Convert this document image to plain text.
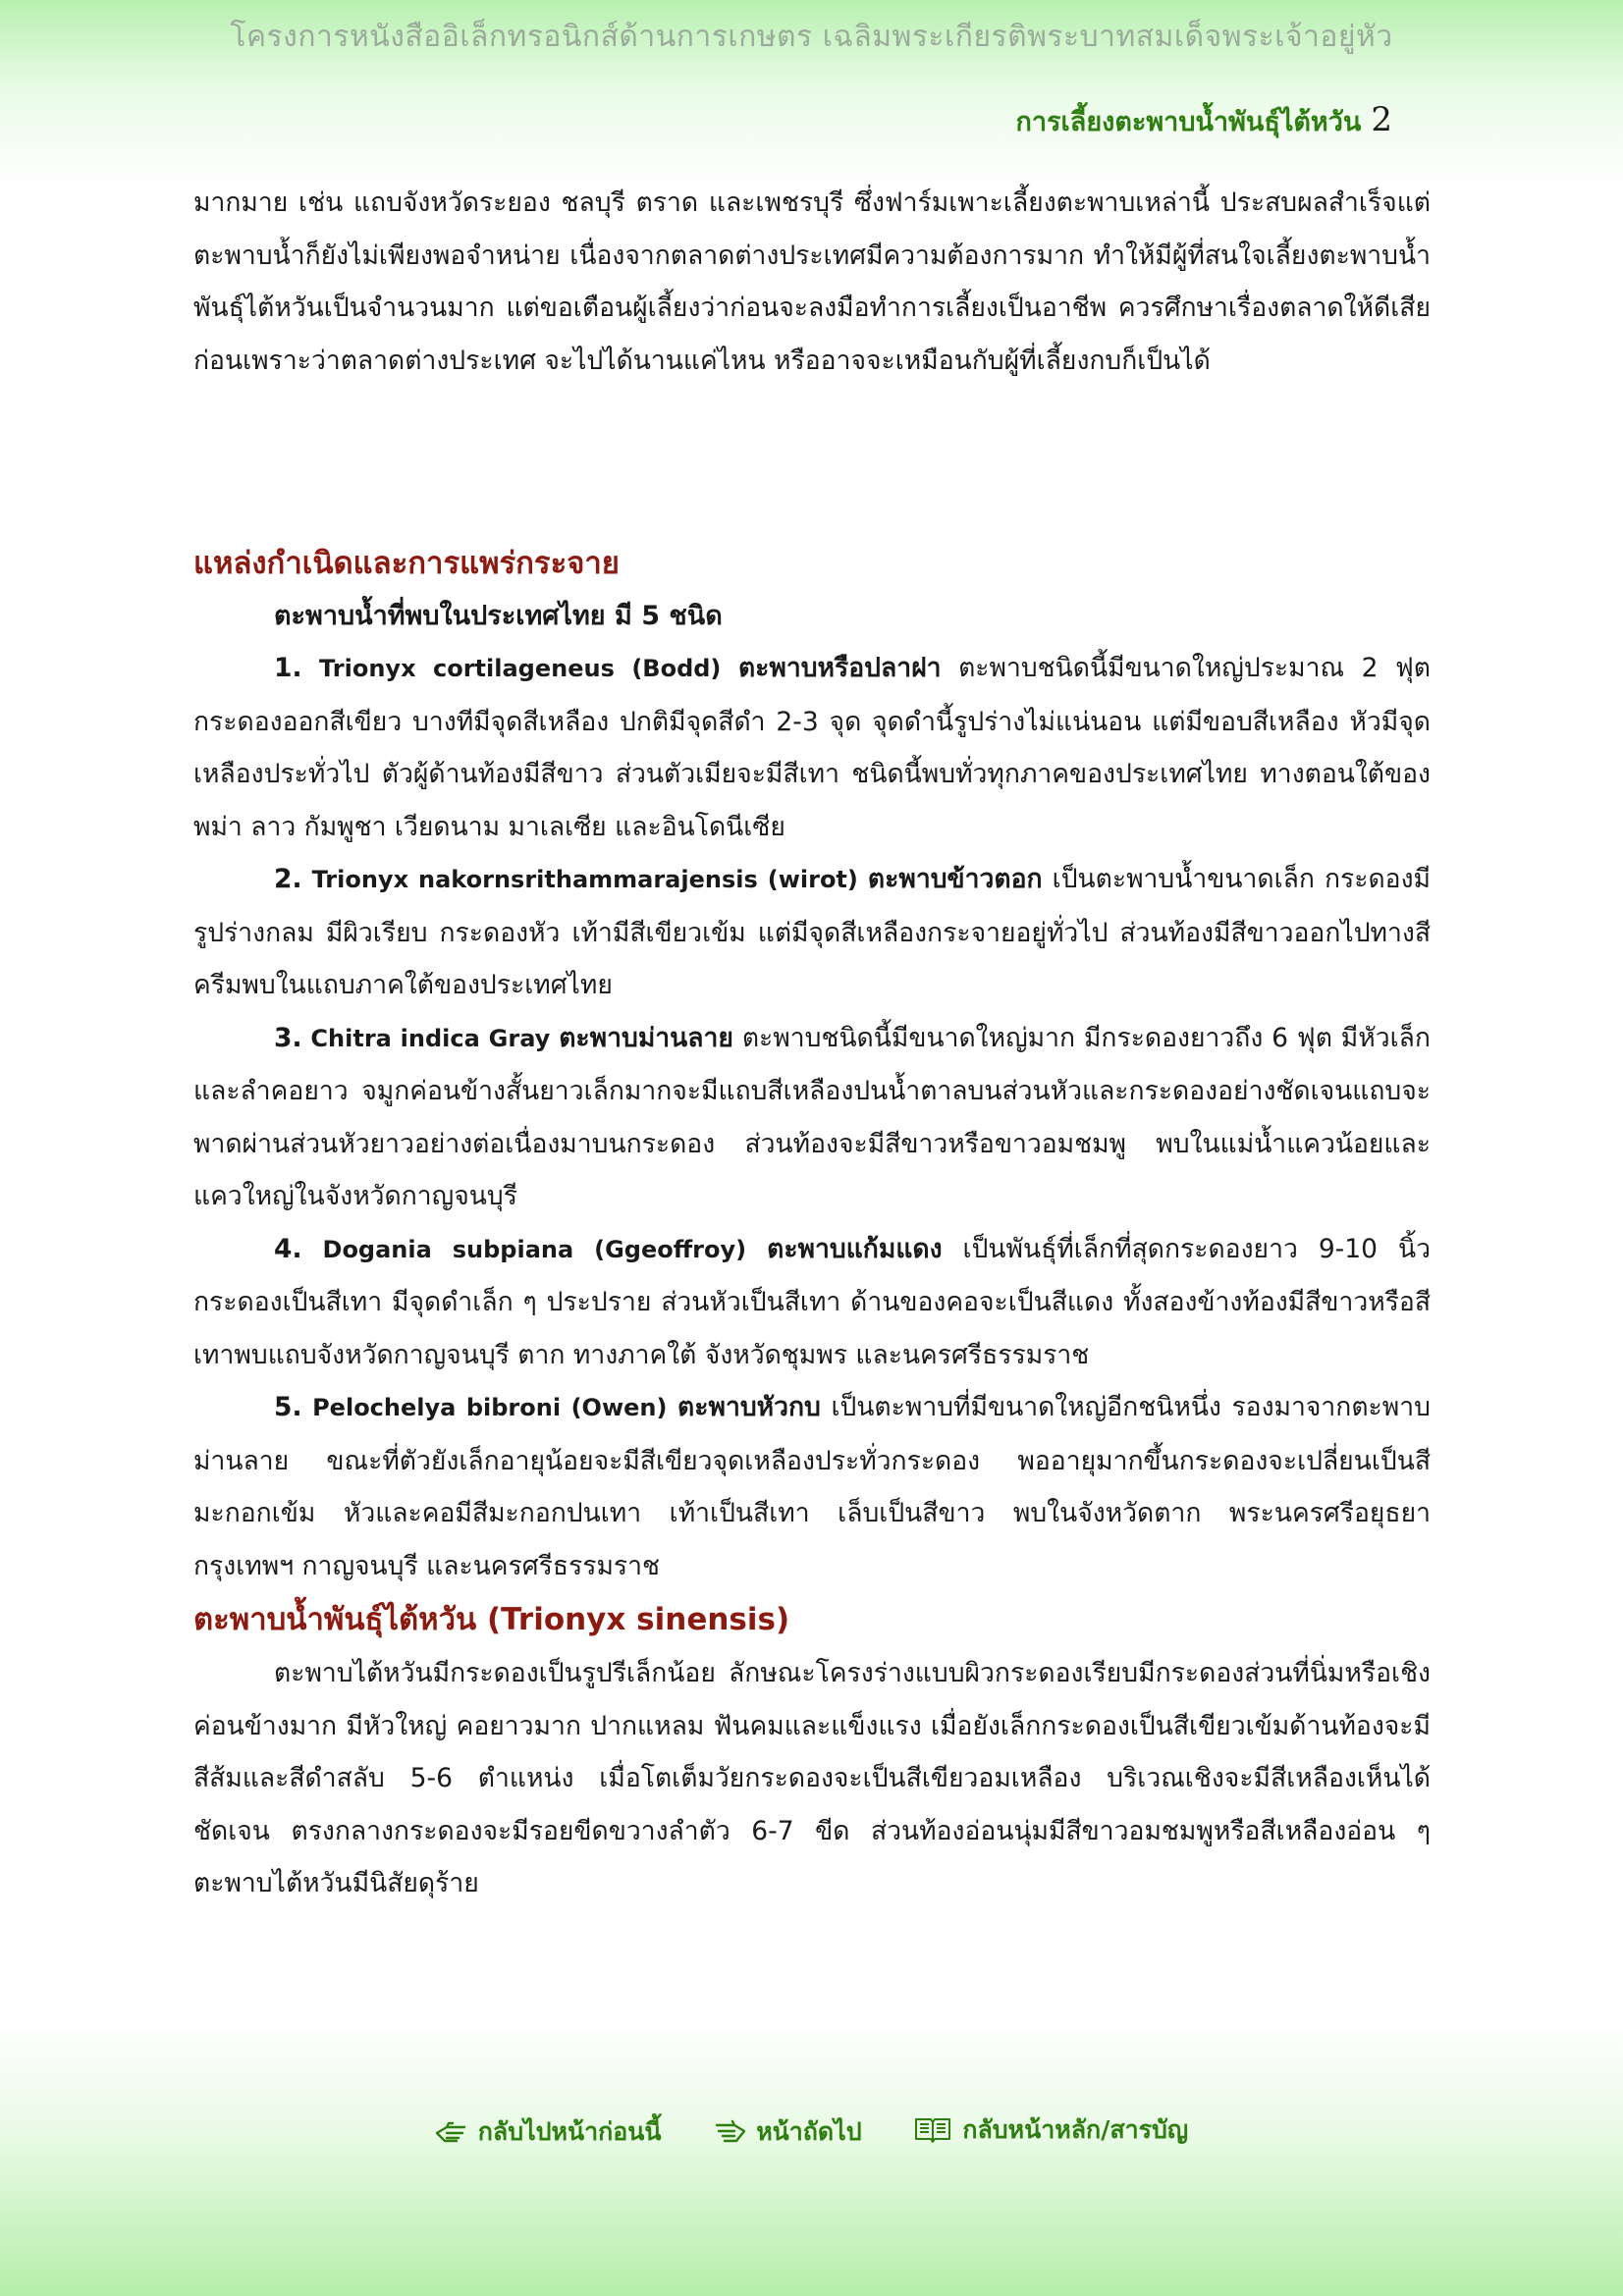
โครงการหนังสืออิเล็กทรอนิกส์ด้านการเกษตร เฉลิมพระเกียรติพระบาทสมเด็จพระเจ้าอยู่หัว
การเลี้ยงตะพาบน้ำพันธุ์ไต้หวัน 2

มากมาย เช่น แถบจังหวัดระยอง ชลบุรี ตราด และเพชรบุรี ซึ่งฟาร์มเพาะเลี้ยงตะพาบเหล่านี้ ประสบผลสำเร็จแต่ตะพาบน้ำก็ยังไม่เพียงพอจำหน่าย เนื่องจากตลาดต่างประเทศมีความต้องการมาก ทำให้มีผู้ที่สนใจเลี้ยงตะพาบน้ำพันธุ์ไต้หวันเป็นจำนวนมาก แต่ขอเตือนผู้เลี้ยงว่าก่อนจะลงมือทำการเลี้ยงเป็นอาชีพ ควรศึกษาเรื่องตลาดให้ดีเสียก่อนเพราะว่าตลาดต่างประเทศ จะไปได้นานแค่ไหน หรืออาจจะเหมือนกับผู้ที่เลี้ยงกบก็เป็นได้

แหล่งกำเนิดและการแพร่กระจาย
ตะพาบน้ำที่พบในประเทศไทย มี 5 ชนิด

1. Trionyx cortilageneus (Bodd) ตะพาบหรือปลาฝา ตะพาบชนิดนี้มีขนาดใหญ่ประมาณ 2 ฟุต กระดองออกสีเขียว บางทีมีจุดสีเหลือง ปกติมีจุดสีดำ 2-3 จุด จุดดำนี้รูปร่างไม่แน่นอน แต่มีขอบสีเหลือง หัวมีจุดเหลืองประทั่วไป ตัวผู้ด้านท้องมีสีขาว ส่วนตัวเมียจะมีสีเทา ชนิดนี้พบทั่วทุกภาคของประเทศไทย ทางตอนใต้ของพม่า ลาว กัมพูชา เวียดนาม มาเลเซีย และอินโดนีเซีย

2. Trionyx nakornsrithammarajensis (wirot) ตะพาบข้าวตอก เป็นตะพาบน้ำขนาดเล็ก กระดองมีรูปร่างกลม มีผิวเรียบ กระดองหัว เท้ามีสีเขียวเข้ม แต่มีจุดสีเหลืองกระจายอยู่ทั่วไป ส่วนท้องมีสีขาวออกไปทางสีครีมพบในแถบภาคใต้ของประเทศไทย

3. Chitra indica Gray ตะพาบม่านลาย ตะพาบชนิดนี้มีขนาดใหญ่มาก มีกระดองยาวถึง 6 ฟุต มีหัวเล็กและลำคอยาว จมูกค่อนข้างสั้นยาวเล็กมากจะมีแถบสีเหลืองปนน้ำตาลบนส่วนหัวและกระดองอย่างชัดเจนแถบจะพาดผ่านส่วนหัวยาวอย่างต่อเนื่องมาบนกระดอง ส่วนท้องจะมีสีขาวหรือขาวอมชมพู พบในแม่น้ำแควน้อยและแควใหญ่ในจังหวัดกาญจนบุรี

4. Dogania subpiana (Ggeoffroy) ตะพาบแก้มแดง เป็นพันธุ์ที่เล็กที่สุดกระดองยาว 9-10 นิ้ว กระดองเป็นสีเทา มีจุดดำเล็ก ๆ ประปราย ส่วนหัวเป็นสีเทา ด้านของคอจะเป็นสีแดง ทั้งสองข้างท้องมีสีขาวหรือสีเทาพบแถบจังหวัดกาญจนบุรี ตาก ทางภาคใต้ จังหวัดชุมพร และนครศรีธรรมราช

5. Pelochelya bibroni (Owen) ตะพาบหัวกบ เป็นตะพาบที่มีขนาดใหญ่อีกชนิหนึ่ง รองมาจากตะพาบม่านลาย ขณะที่ตัวยังเล็กอายุน้อยจะมีสีเขียวจุดเหลืองประทั่วกระดอง พออายุมากขึ้นกระดองจะเปลี่ยนเป็นสีมะกอกเข้ม หัวและคอมีสีมะกอกปนเทา เท้าเป็นสีเทา เล็บเป็นสีขาว พบในจังหวัดตาก พระนครศรีอยุธยา กรุงเทพฯ กาญจนบุรี และนครศรีธรรมราช

ตะพาบน้ำพันธุ์ไต้หวัน (Trionyx sinensis)

ตะพาบไต้หวันมีกระดองเป็นรูปรีเล็กน้อย ลักษณะโครงร่างแบบผิวกระดองเรียบมีกระดองส่วนที่นิ่มหรือเชิงค่อนข้างมาก มีหัวใหญ่ คอยาวมาก ปากแหลม ฟันคมและแข็งแรง เมื่อยังเล็กกระดองเป็นสีเขียวเข้มด้านท้องจะมีสีส้มและสีดำสลับ 5-6 ตำแหน่ง เมื่อโตเต็มวัยกระดองจะเป็นสีเขียวอมเหลือง บริเวณเชิงจะมีสีเหลืองเห็นได้ชัดเจน ตรงกลางกระดองจะมีรอยขีดขวางลำตัว 6-7 ขีด ส่วนท้องอ่อนนุ่มมีสีขาวอมชมพูหรือสีเหลืองอ่อน ๆ ตะพาบไต้หวันมีนิสัยดุร้าย

กลับไปหน้าก่อนนี้
	หน้าถัดไป
	กลับหน้าหลัก/สารบัญ
